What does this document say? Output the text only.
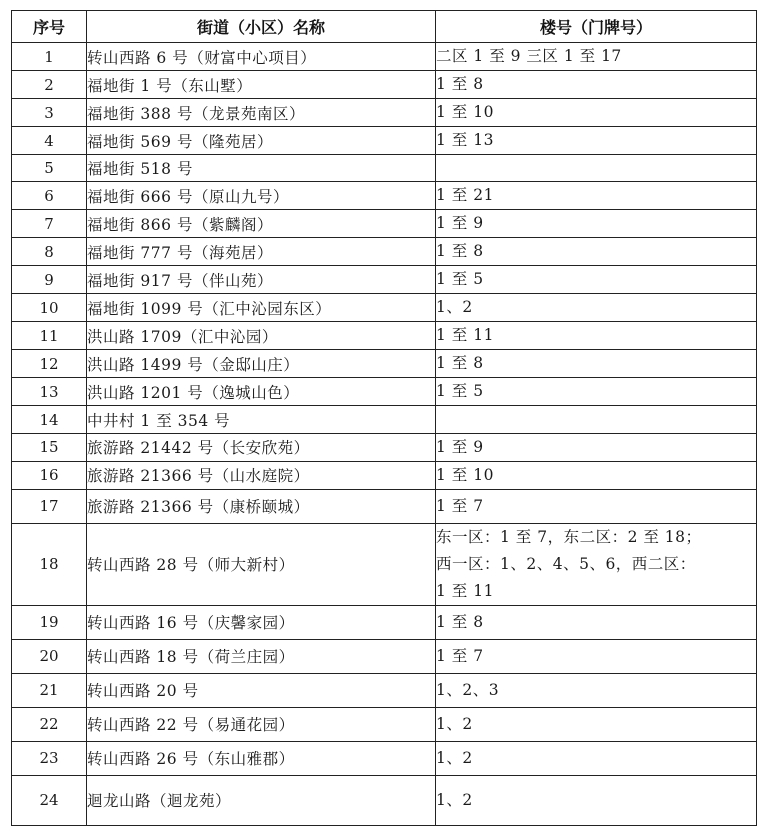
序号	街道（小区）名称	楼号（门牌号）
1	转山西路 6 号（财富中心项目）	二区 1 至 9 三区 1 至 17
2	福地街 1 号（东山墅）	1 至 8
3	福地街 388 号（龙景苑南区）	1 至 10
4	福地街 569 号（隆苑居）	1 至 13
5	福地街 518 号	
6	福地街 666 号（原山九号）	1 至 21
7	福地街 866 号（紫麟阁）	1 至 9
8	福地街 777 号（海苑居）	1 至 8
9	福地街 917 号（伴山苑）	1 至 5
10	福地街 1099 号（汇中沁园东区）	1、2
11	洪山路 1709（汇中沁园）	1 至 11
12	洪山路 1499 号（金邸山庄）	1 至 8
13	洪山路 1201 号（逸城山色）	1 至 5
14	中井村 1 至 354 号	
15	旅游路 21442 号（长安欣苑）	1 至 9
16	旅游路 21366 号（山水庭院）	1 至 10
17	旅游路 21366 号（康桥颐城）	1 至 7
18	转山西路 28 号（师大新村）	东一区：1 至 7，东二区：2 至 18；
西一区：1、2、4、5、6，西二区：
1 至 11

19	转山西路 16 号（庆馨家园）	1 至 8
20	转山西路 18 号（荷兰庄园）	1 至 7
21	转山西路 20 号	1、2、3
22	转山西路 22 号（易通花园）	1、2
23	转山西路 26 号（东山雅郡）	1、2
24	迴龙山路（迴龙苑）	1、2
